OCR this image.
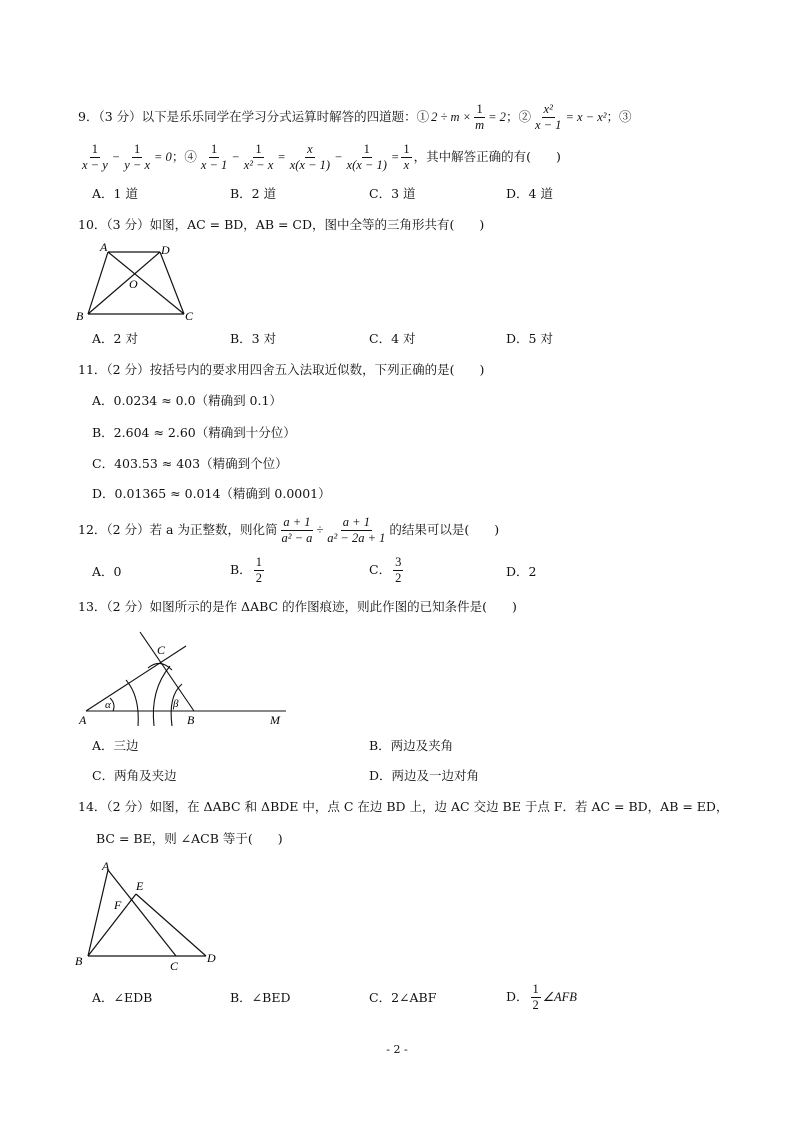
9．（3 分）以下是乐乐同学在学习分式运算时解答的四道题：① $2 \div m \times \frac{1}{m} = 2$ ；② $\frac{\text{x²}}{x - 1} = x - x^2$ ；③
$\frac{1}{x - y} - \frac{1}{y - x} = 0$ ；④ $\frac{1}{x - 1} - \frac{1}{\text{x² − x}} = \frac{x}{x(x - 1)} - \frac{1}{x(x - 1)} = \frac{1}{x}$ ，其中解答正确的有(　　)
A．1 道	B．2 道	C．3 道	D．4 道
10．（3 分）如图，AC = BD，AB = CD，图中全等的三角形共有(　　)
A	D
O
B	C
A．2 对	B．3 对	C．4 对	D．5 对
11．（2 分）按括号内的要求用四舍五入法取近似数，下列正确的是(　　)
A．0.0234 ≈ 0.0（精确到 0.1）
B．2.604 ≈ 2.60（精确到十分位）
C．403.53 ≈ 403（精确到个位）
D．0.01365 ≈ 0.014（精确到 0.0001）
12．（2 分）若 a 为正整数，则化简 $\frac{a + 1}{\text{a² − a}} \div \frac{a + 1}{\text{a² − 2a + 1}}$ 的结果可以是(　　)
A．0	B． $\frac{1}{2}$	C． $\frac{3}{2}$	D．2
13．（2 分）如图所示的是作 ΔABC 的作图痕迹，则此作图的已知条件是(　　)
A	B
C
M
α	β
A．三边	B．两边及夹角
C．两角及夹边	D．两边及一边对角
14．（2 分）如图，在 ΔABC 和 ΔBDE 中，点 C 在边 BD 上，边 AC 交边 BE 于点 F．若 AC = BD，AB = ED，
BC = BE，则 ∠ACB 等于(　　)
A
E
F
B	C
D
A．∠EDB	B．∠BED	C．2∠ABF	D． $\frac{1}{2}$ ∠AFB
- 2 -
